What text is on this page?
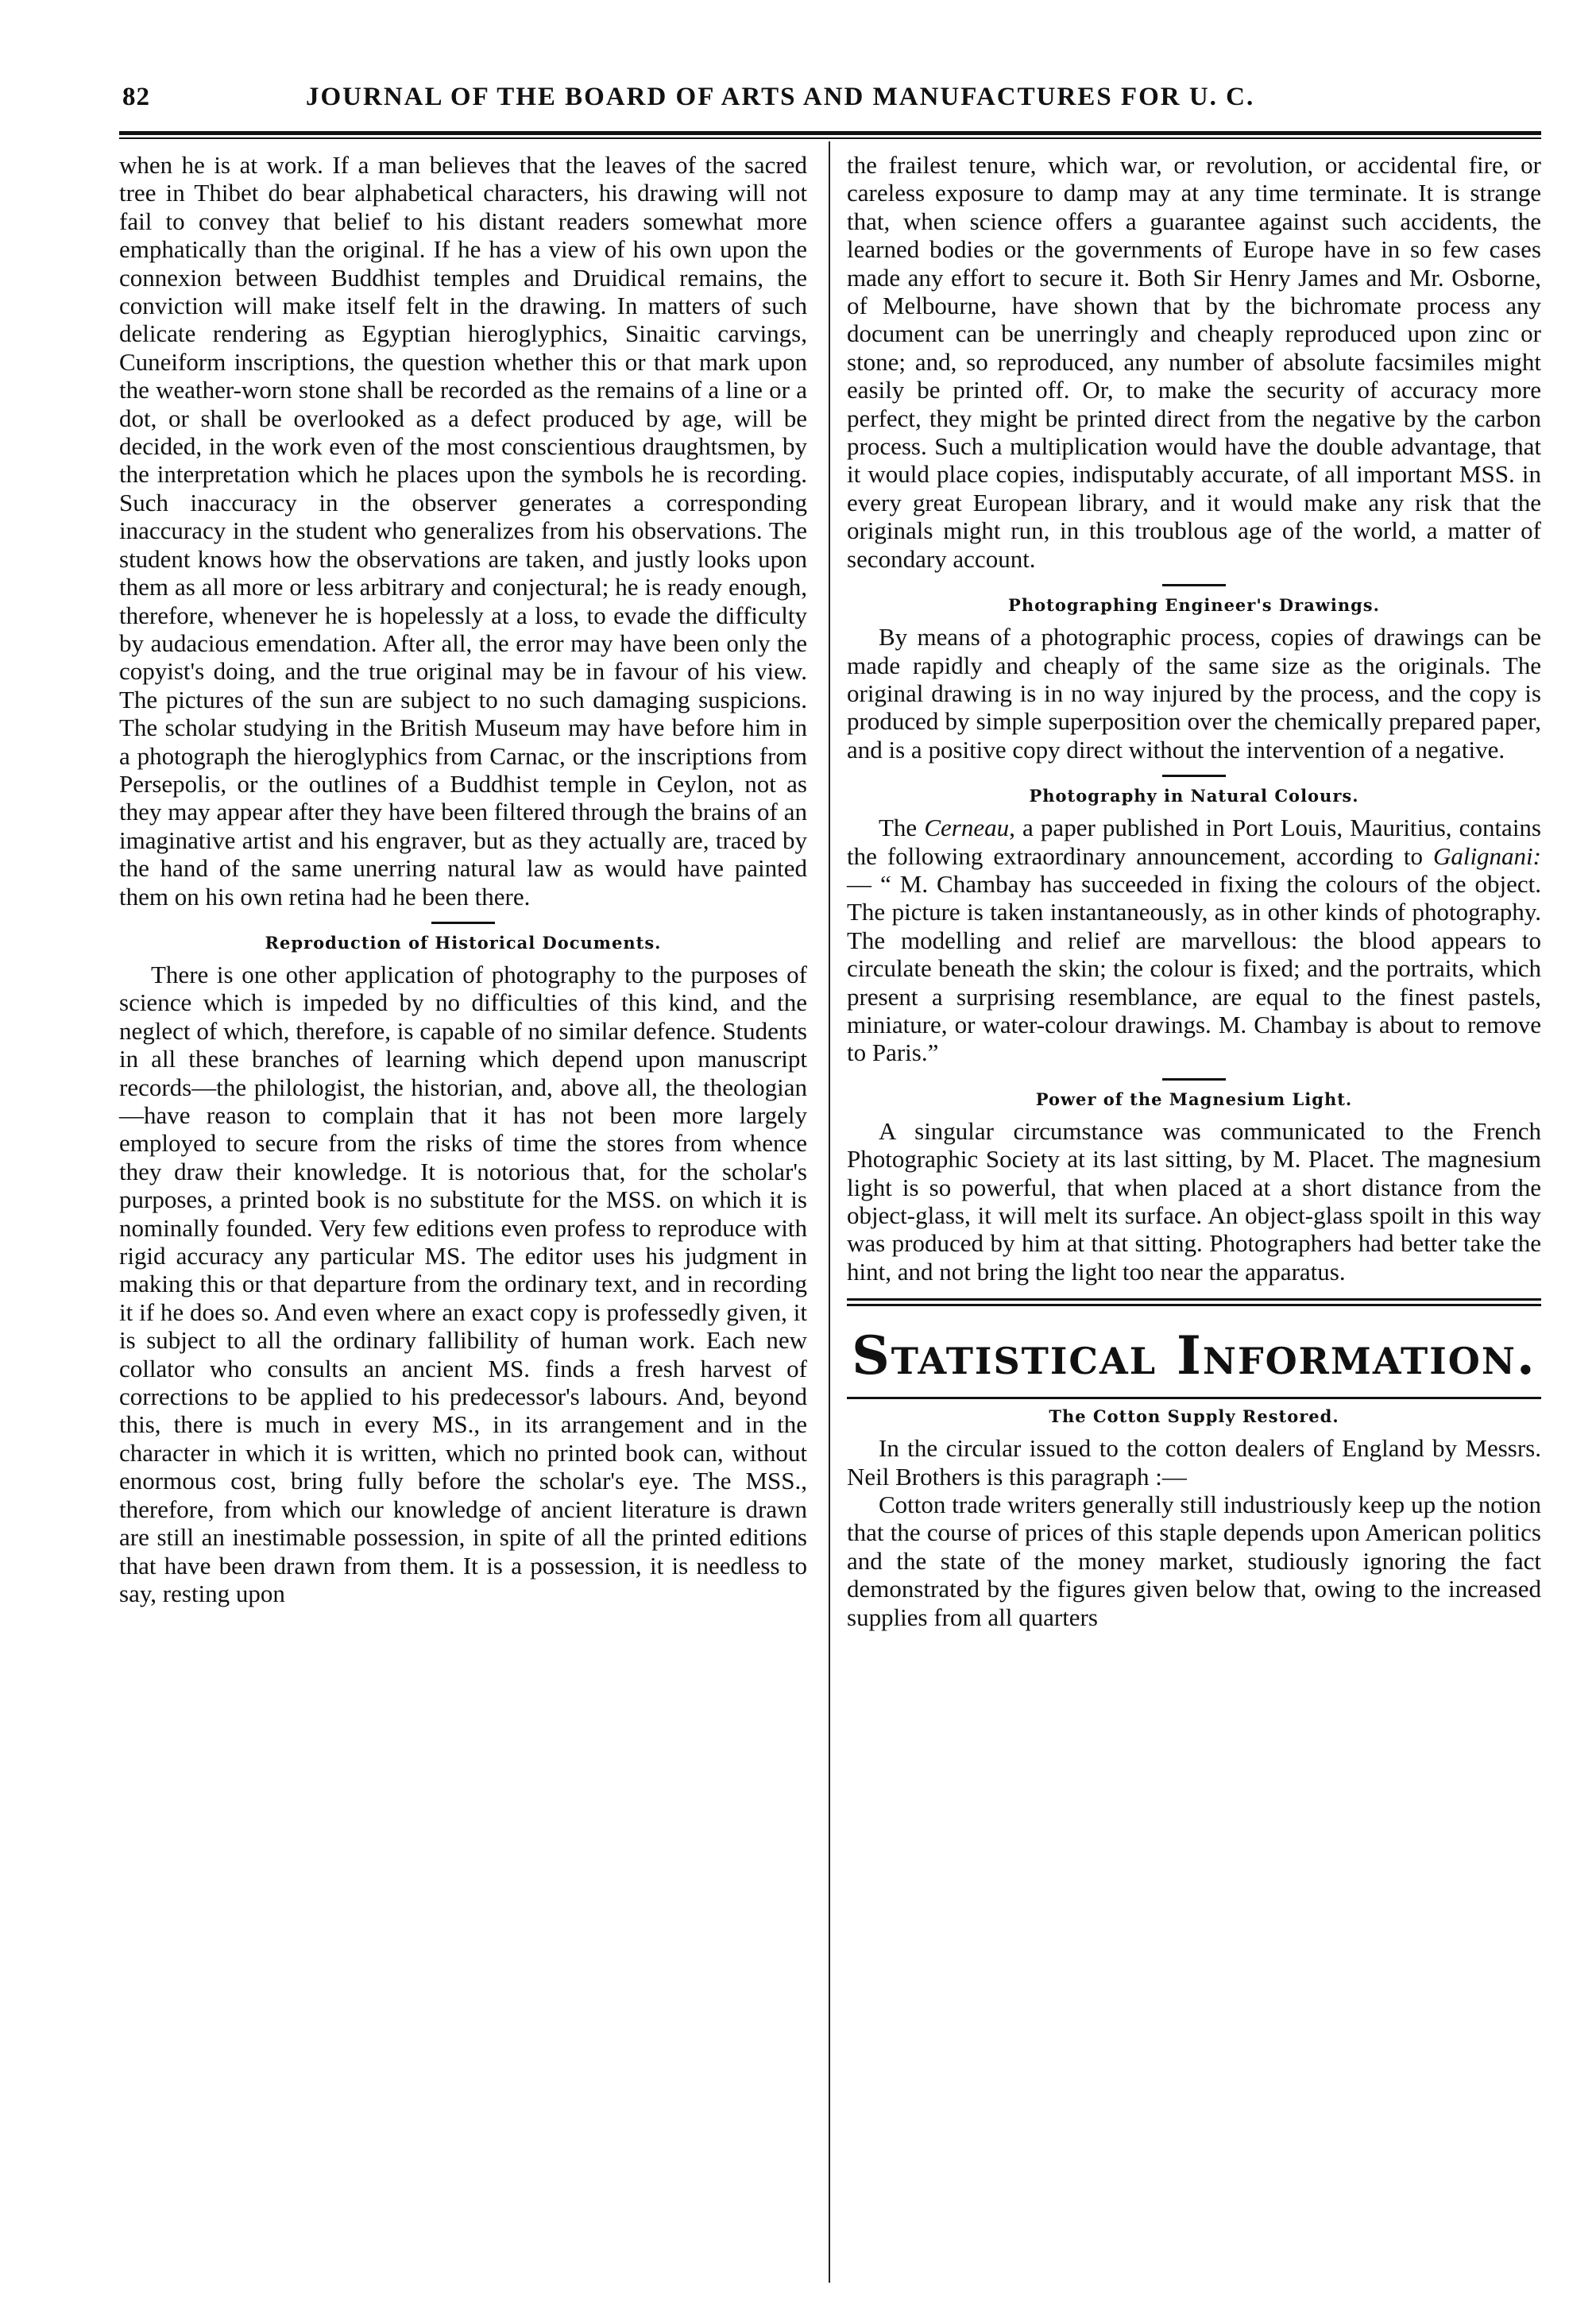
82	JOURNAL OF THE BOARD OF ARTS AND MANUFACTURES FOR U. C.

when he is at work. If a man believes that the leaves of the sacred tree in Thibet do bear alphabetical characters, his drawing will not fail to convey that belief to his distant readers somewhat more emphatically than the original. If he has a view of his own upon the connexion between Buddhist temples and Druidical remains, the conviction will make itself felt in the drawing. In matters of such delicate rendering as Egyptian hieroglyphics, Sinaitic carvings, Cuneiform inscriptions, the question whether this or that mark upon the weather-worn stone shall be recorded as the remains of a line or a dot, or shall be overlooked as a defect produced by age, will be decided, in the work even of the most conscientious draughtsmen, by the interpretation which he places upon the symbols he is recording. Such inaccuracy in the observer generates a corresponding inaccuracy in the student who generalizes from his observations. The student knows how the observations are taken, and justly looks upon them as all more or less arbitrary and conjectural; he is ready enough, therefore, whenever he is hopelessly at a loss, to evade the difficulty by audacious emendation. After all, the error may have been only the copyist's doing, and the true original may be in favour of his view. The pictures of the sun are subject to no such damaging suspicions. The scholar studying in the British Museum may have before him in a photograph the hieroglyphics from Carnac, or the inscriptions from Persepolis, or the outlines of a Buddhist temple in Ceylon, not as they may appear after they have been filtered through the brains of an imaginative artist and his engraver, but as they actually are, traced by the hand of the same unerring natural law as would have painted them on his own retina had he been there.

Reproduction of Historical Documents.

There is one other application of photography to the purposes of science which is impeded by no difficulties of this kind, and the neglect of which, therefore, is capable of no similar defence. Students in all these branches of learning which depend upon manuscript records—the philologist, the historian, and, above all, the theologian—have reason to complain that it has not been more largely employed to secure from the risks of time the stores from whence they draw their knowledge. It is notorious that, for the scholar's purposes, a printed book is no substitute for the MSS. on which it is nominally founded. Very few editions even profess to reproduce with rigid accuracy any particular MS. The editor uses his judgment in making this or that departure from the ordinary text, and in recording it if he does so. And even where an exact copy is professedly given, it is subject to all the ordinary fallibility of human work. Each new collator who consults an ancient MS. finds a fresh harvest of corrections to be applied to his predecessor's labours. And, beyond this, there is much in every MS., in its arrangement and in the character in which it is written, which no printed book can, without enormous cost, bring fully before the scholar's eye. The MSS., therefore, from which our knowledge of ancient literature is drawn are still an inestimable possession, in spite of all the printed editions that have been drawn from them. It is a possession, it is needless to say, resting upon

the frailest tenure, which war, or revolution, or accidental fire, or careless exposure to damp may at any time terminate. It is strange that, when science offers a guarantee against such accidents, the learned bodies or the governments of Europe have in so few cases made any effort to secure it. Both Sir Henry James and Mr. Osborne, of Melbourne, have shown that by the bichromate process any document can be unerringly and cheaply reproduced upon zinc or stone; and, so reproduced, any number of absolute facsimiles might easily be printed off. Or, to make the security of accuracy more perfect, they might be printed direct from the negative by the carbon process. Such a multiplication would have the double advantage, that it would place copies, indisputably accurate, of all important MSS. in every great European library, and it would make any risk that the originals might run, in this troublous age of the world, a matter of secondary account.

Photographing Engineer's Drawings.

By means of a photographic process, copies of drawings can be made rapidly and cheaply of the same size as the originals. The original drawing is in no way injured by the process, and the copy is produced by simple superposition over the chemically prepared paper, and is a positive copy direct without the intervention of a negative.

Photography in Natural Colours.

The Cerneau, a paper published in Port Louis, Mauritius, contains the following extraordinary announcement, according to Galignani: — “ M. Chambay has succeeded in fixing the colours of the object. The picture is taken instantaneously, as in other kinds of photography. The modelling and relief are marvellous: the blood appears to circulate beneath the skin; the colour is fixed; and the portraits, which present a surprising resemblance, are equal to the finest pastels, miniature, or water-colour drawings. M. Chambay is about to remove to Paris.”

Power of the Magnesium Light.

A singular circumstance was communicated to the French Photographic Society at its last sitting, by M. Placet. The magnesium light is so powerful, that when placed at a short distance from the object-glass, it will melt its surface. An object-glass spoilt in this way was produced by him at that sitting. Photographers had better take the hint, and not bring the light too near the apparatus.

Statistical Information.

The Cotton Supply Restored.

In the circular issued to the cotton dealers of England by Messrs. Neil Brothers is this paragraph :—

Cotton trade writers generally still industriously keep up the notion that the course of prices of this staple depends upon American politics and the state of the money market, studiously ignoring the fact demonstrated by the figures given below that, owing to the increased supplies from all quarters
